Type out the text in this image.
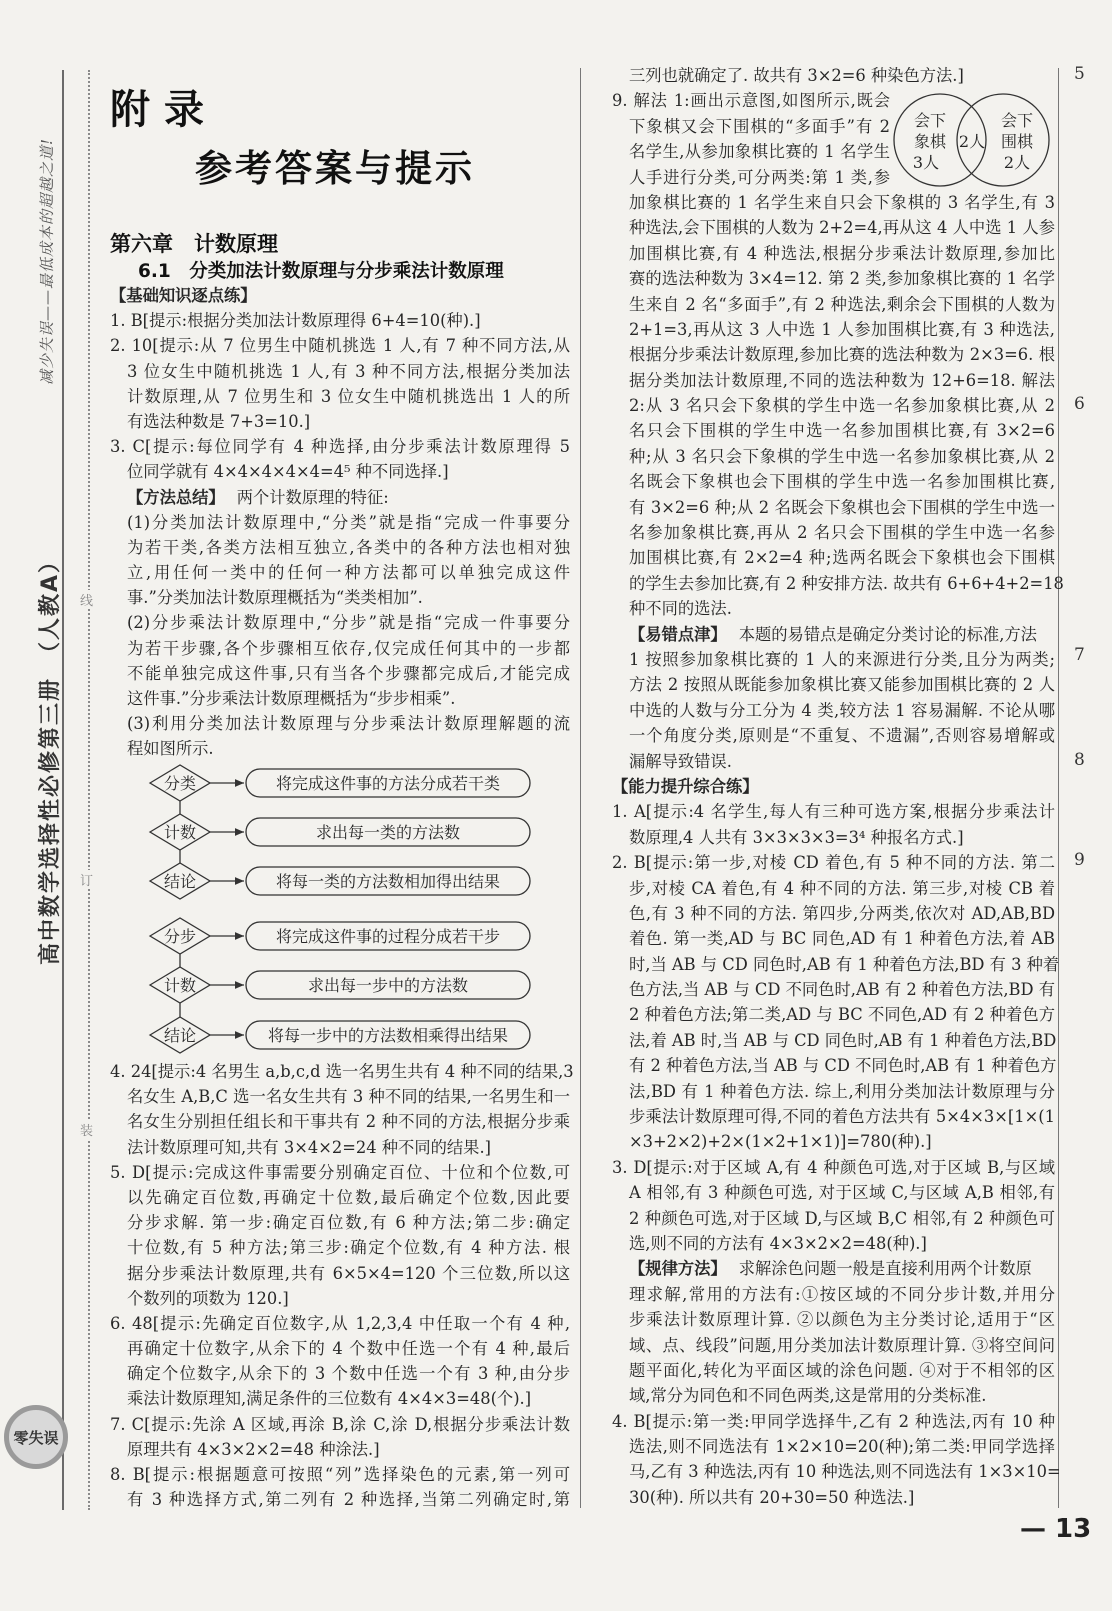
减少失误——最低成本的超越之道!
高中数学选择性必修第三册　（人教A） 线
订
装
零失误
附录
参考答案与提示
第六章　计数原理
6.1　分类加法计数原理与分步乘法计数原理
【基础知识逐点练】
1. B[提示:根据分类加法计数原理得 6+4=10(种).]
2. 10[提示:从 7 位男生中随机挑选 1 人,有 7 种不同方法,从
3 位女生中随机挑选 1 人,有 3 种不同方法,根据分类加法
计数原理,从 7 位男生和 3 位女生中随机挑选出 1 人的所
有选法种数是 7+3=10.]
3. C[提示:每位同学有 4 种选择,由分步乘法计数原理得 5
位同学就有 4×4×4×4×4=4⁵ 种不同选择.]
【方法总结】 两个计数原理的特征:
(1)分类加法计数原理中,“分类”就是指“完成一件事要分
为若干类,各类方法相互独立,各类中的各种方法也相对独
立,用任何一类中的任何一种方法都可以单独完成这件
事.”分类加法计数原理概括为“类类相加”.
(2)分步乘法计数原理中,“分步”就是指“完成一件事要分
为若干步骤,各个步骤相互依存,仅完成任何其中的一步都
不能单独完成这件事,只有当各个步骤都完成后,才能完成
这件事.”分步乘法计数原理概括为“步步相乘”.
(3)利用分类加法计数原理与分步乘法计数原理解题的流
程如图所示.
分类	将完成这件事的方法分成若干类
计数	求出每一类的方法数
结论	将每一类的方法数相加得出结果
分步	将完成这件事的过程分成若干步
计数	求出每一步中的方法数
结论	将每一步中的方法数相乘得出结果
4. 24[提示:4 名男生 a,b,c,d 选一名男生共有 4 种不同的结果,3
名女生 A,B,C 选一名女生共有 3 种不同的结果,一名男生和一
名女生分别担任组长和干事共有 2 种不同的方法,根据分步乘
法计数原理可知,共有 3×4×2=24 种不同的结果.]
5. D[提示:完成这件事需要分别确定百位、十位和个位数,可
以先确定百位数,再确定十位数,最后确定个位数,因此要
分步求解. 第一步:确定百位数,有 6 种方法;第二步:确定
十位数,有 5 种方法;第三步:确定个位数,有 4 种方法. 根
据分步乘法计数原理,共有 6×5×4=120 个三位数,所以这
个数列的项数为 120.]
6. 48[提示:先确定百位数字,从 1,2,3,4 中任取一个有 4 种,
再确定十位数字,从余下的 4 个数中任选一个有 4 种,最后
确定个位数字,从余下的 3 个数中任选一个有 3 种,由分步
乘法计数原理知,满足条件的三位数有 4×4×3=48(个).]
7. C[提示:先涂 A 区域,再涂 B,涂 C,涂 D,根据分步乘法计数
原理共有 4×3×2×2=48 种涂法.]
8. B[提示:根据题意可按照“列”选择染色的元素,第一列可
有 3 种选择方式,第二列有 2 种选择,当第二列确定时,第
三列也就确定了. 故共有 3×2=6 种染色方法.]
9. 解法 1:画出示意图,如图所示,既会
下象棋又会下围棋的“多面手”有 2
名学生,从参加象棋比赛的 1 名学生
人手进行分类,可分两类:第 1 类,参
加象棋比赛的 1 名学生来自只会下象棋的 3 名学生,有 3
种选法,会下围棋的人数为 2+2=4,再从这 4 人中选 1 人参
加围棋比赛,有 4 种选法,根据分步乘法计数原理,参加比
赛的选法种数为 3×4=12. 第 2 类,参加象棋比赛的 1 名学
生来自 2 名“多面手”,有 2 种选法,剩余会下围棋的人数为
2+1=3,再从这 3 人中选 1 人参加围棋比赛,有 3 种选法,
根据分步乘法计数原理,参加比赛的选法种数为 2×3=6. 根
据分类加法计数原理,不同的选法种数为 12+6=18. 解法
2:从 3 名只会下象棋的学生中选一名参加象棋比赛,从 2
名只会下围棋的学生中选一名参加围棋比赛,有 3×2=6
种;从 3 名只会下象棋的学生中选一名参加象棋比赛,从 2
名既会下象棋也会下围棋的学生中选一名参加围棋比赛,
有 3×2=6 种;从 2 名既会下象棋也会下围棋的学生中选一
名参加象棋比赛,再从 2 名只会下围棋的学生中选一名参
加围棋比赛,有 2×2=4 种;选两名既会下象棋也会下围棋
的学生去参加比赛,有 2 种安排方法. 故共有 6+6+4+2=18
种不同的选法.
【易错点津】 本题的易错点是确定分类讨论的标准,方法
1 按照参加象棋比赛的 1 人的来源进行分类,且分为两类;
方法 2 按照从既能参加象棋比赛又能参加围棋比赛的 2 人
中选的人数与分工分为 4 类,较方法 1 容易漏解. 不论从哪
一个角度分类,原则是“不重复、不遗漏”,否则容易增解或
漏解导致错误.
【能力提升综合练】
1. A[提示:4 名学生,每人有三种可选方案,根据分步乘法计
数原理,4 人共有 3×3×3×3=3⁴ 种报名方式.]
2. B[提示:第一步,对棱 CD 着色,有 5 种不同的方法. 第二
步,对棱 CA 着色,有 4 种不同的方法. 第三步,对棱 CB 着
色,有 3 种不同的方法. 第四步,分两类,依次对 AD,AB,BD
着色. 第一类,AD 与 BC 同色,AD 有 1 种着色方法,着 AB
时,当 AB 与 CD 同色时,AB 有 1 种着色方法,BD 有 3 种着
色方法,当 AB 与 CD 不同色时,AB 有 2 种着色方法,BD 有
2 种着色方法;第二类,AD 与 BC 不同色,AD 有 2 种着色方
法,着 AB 时,当 AB 与 CD 同色时,AB 有 1 种着色方法,BD
有 2 种着色方法,当 AB 与 CD 不同色时,AB 有 1 种着色方
法,BD 有 1 种着色方法. 综上,利用分类加法计数原理与分
步乘法计数原理可得,不同的着色方法共有 5×4×3×[1×(1
×3+2×2)+2×(1×2+1×1)]=780(种).]
3. D[提示:对于区域 A,有 4 种颜色可选,对于区域 B,与区域
A 相邻,有 3 种颜色可选, 对于区域 C,与区域 A,B 相邻,有
2 种颜色可选,对于区域 D,与区域 B,C 相邻,有 2 种颜色可
选,则不同的方法有 4×3×2×2=48(种).]
【规律方法】 求解涂色问题一般是直接利用两个计数原
理求解,常用的方法有:①按区域的不同分步计数,并用分
步乘法计数原理计算. ②以颜色为主分类讨论,适用于“区
域、点、线段”问题,用分类加法计数原理计算. ③将空间问
题平面化,转化为平面区域的涂色问题. ④对于不相邻的区
域,常分为同色和不同色两类,这是常用的分类标准.
4. B[提示:第一类:甲同学选择牛,乙有 2 种选法,丙有 10 种
选法,则不同选法有 1×2×10=20(种);第二类:甲同学选择
马,乙有 3 种选法,丙有 10 种选法,则不同选法有 1×3×10=
30(种). 所以共有 20+30=50 种选法.]
会下
象棋
3人
2人
会下
围棋
2人
5
6
7
8
9
— 13
